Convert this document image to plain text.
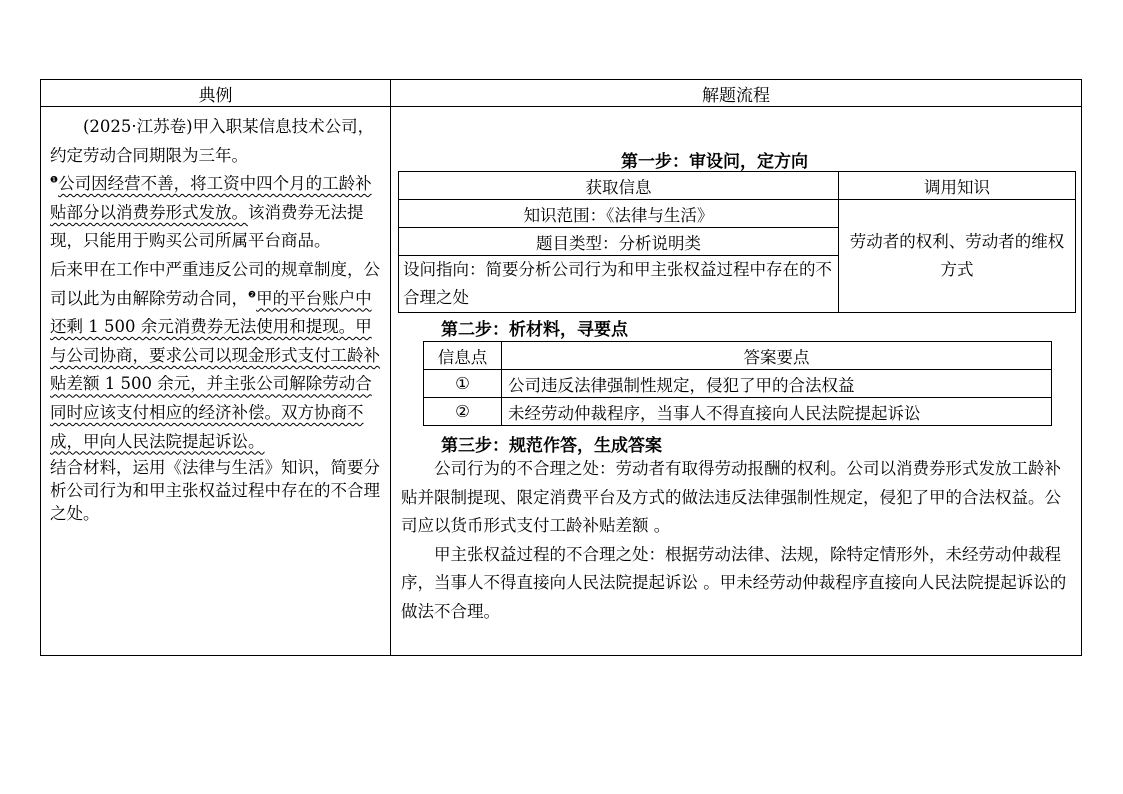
典例	解题流程

(2025·江苏卷)甲入职某信息技术公司，约定劳动合同期限为三年。

$^❶$公司因经营不善，将工资中四个月的工龄补贴部分以消费券形式发放。该消费券无法提现，只能用于购买公司所属平台商品。

后来甲在工作中严重违反公司的规章制度，公司以此为由解除劳动合同，$^❷$甲的平台账户中还剩 1 500 余元消费券无法使用和提现。甲与公司协商，要求公司以现金形式支付工龄补贴差额 1 500 余元，并主张公司解除劳动合同时应该支付相应的经济补偿。双方协商不成，甲向人民法院提起诉讼。

结合材料，运用《法律与生活》知识，简要分析公司行为和甲主张权益过程中存在的不合理之处。

第一步：审设问，定方向
获取信息	调用知识
知识范围：《法律与生活》	劳动者的权利、劳动者的维权方式
题目类型：分析说明类
设问指向：简要分析公司行为和甲主张权益过程中存在的不合理之处
第二步：析材料，寻要点
信息点	答案要点
①	公司违反法律强制性规定，侵犯了甲的合法权益
②	未经劳动仲裁程序，当事人不得直接向人民法院提起诉讼
第三步：规范作答，生成答案

公司行为的不合理之处：劳动者有取得劳动报酬的权利。公司以消费券形式发放工龄补贴并限制提现、限定消费平台及方式的做法违反法律强制性规定，侵犯了甲的合法权益。公司应以货币形式支付工龄补贴差额 。

甲主张权益过程的不合理之处：根据劳动法律、法规，除特定情形外，未经劳动仲裁程序，当事人不得直接向人民法院提起诉讼 。甲未经劳动仲裁程序直接向人民法院提起诉讼的做法不合理。
